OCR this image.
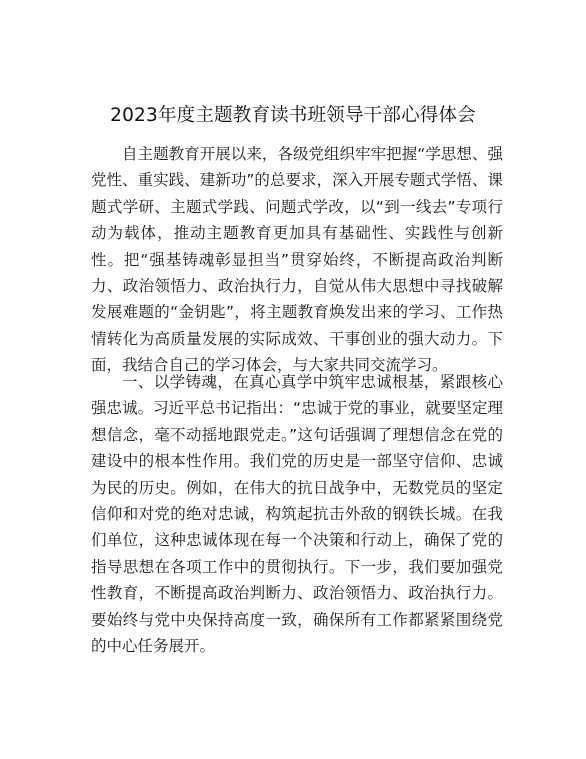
2023年度主题教育读书班领导干部心得体会

自主题教育开展以来，各级党组织牢牢把握“学思想、强党性、重实践、建新功”的总要求，深入开展专题式学悟、课题式学研、主题式学践、问题式学改，以“到一线去”专项行动为载体，推动主题教育更加具有基础性、实践性与创新性。把“强基铸魂彰显担当”贯穿始终，不断提高政治判断力、政治领悟力、政治执行力，自觉从伟大思想中寻找破解发展难题的“金钥匙”，将主题教育焕发出来的学习、工作热情转化为高质量发展的实际成效、干事创业的强大动力。下面，我结合自己的学习体会，与大家共同交流学习。

一、以学铸魂，在真心真学中筑牢忠诚根基，紧跟核心强忠诚。习近平总书记指出：“忠诚于党的事业，就要坚定理想信念，毫不动摇地跟党走。”这句话强调了理想信念在党的建设中的根本性作用。我们党的历史是一部坚守信仰、忠诚为民的历史。例如，在伟大的抗日战争中，无数党员的坚定信仰和对党的绝对忠诚，构筑起抗击外敌的钢铁长城。在我们单位，这种忠诚体现在每一个决策和行动上，确保了党的指导思想在各项工作中的贯彻执行。下一步，我们要加强党性教育，不断提高政治判断力、政治领悟力、政治执行力。要始终与党中央保持高度一致，确保所有工作都紧紧围绕党的中心任务展开。
